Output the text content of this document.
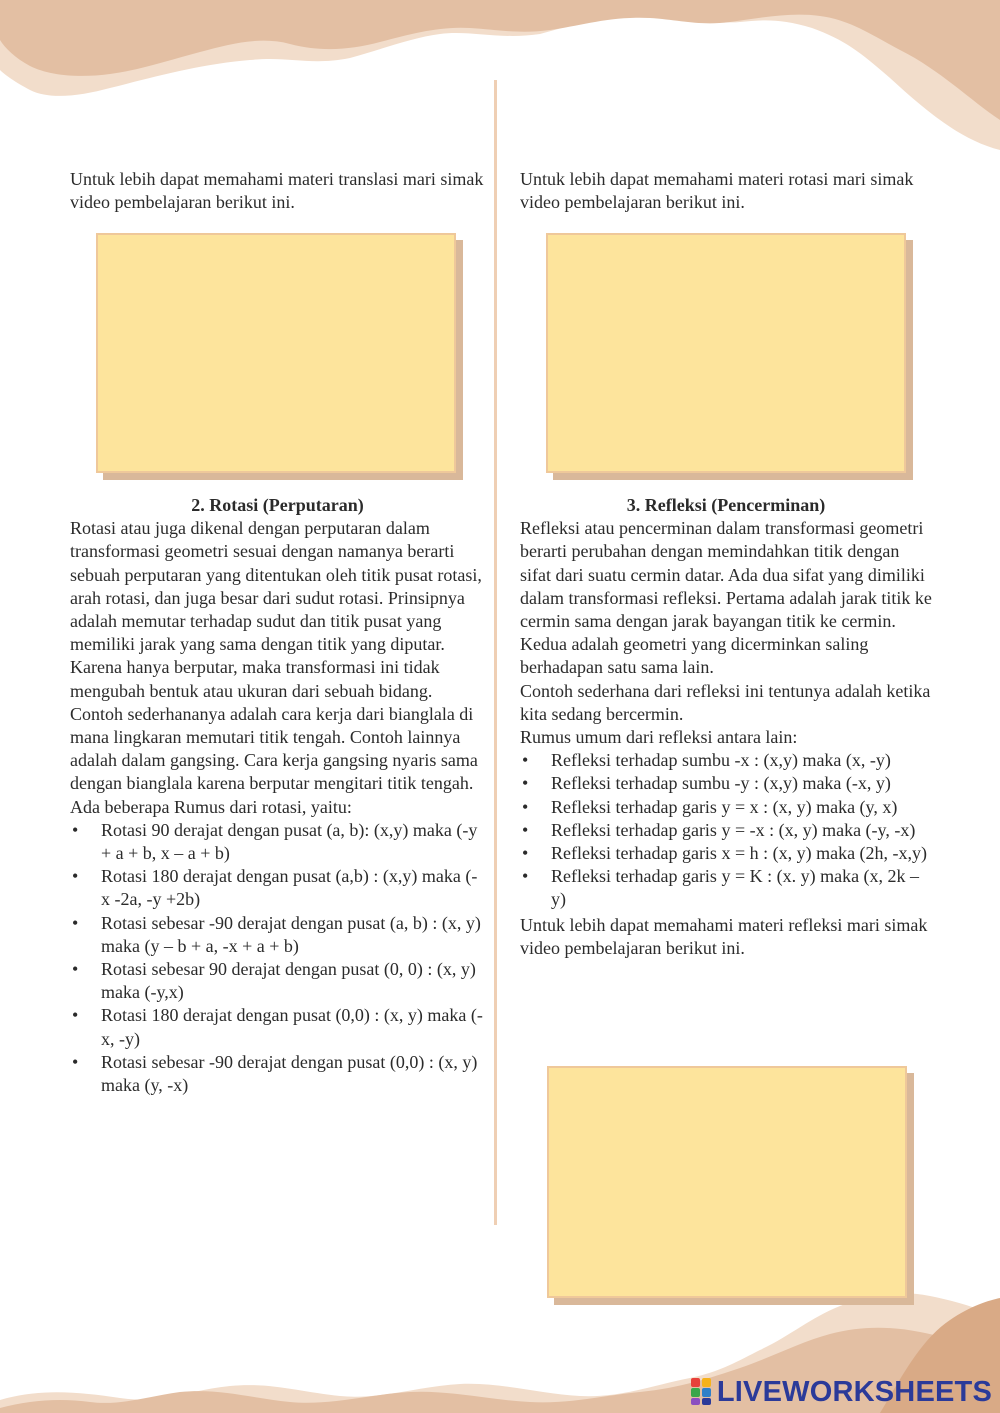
Untuk lebih dapat memahami materi translasi mari simak video pembelajaran berikut ini.

2. Rotasi (Perputaran)

Rotasi atau juga dikenal dengan perputaran dalam transformasi geometri sesuai dengan namanya berarti sebuah perputaran yang ditentukan oleh titik pusat rotasi, arah rotasi, dan juga besar dari sudut rotasi. Prinsipnya adalah memutar terhadap sudut dan titik pusat yang memiliki jarak yang sama dengan titik yang diputar.

Karena hanya berputar, maka transformasi ini tidak mengubah bentuk atau ukuran dari sebuah bidang.

Contoh sederhananya adalah cara kerja dari bianglala di mana lingkaran memutari titik tengah. Contoh lainnya adalah dalam gangsing. Cara kerja gangsing nyaris sama dengan bianglala karena berputar mengitari titik tengah.

Ada beberapa Rumus dari rotasi, yaitu:

• Rotasi 90 derajat dengan pusat (a, b): (x,y) maka (-y + a + b, x – a + b)
• Rotasi 180 derajat dengan pusat (a,b) : (x,y) maka (-x -2a, -y +2b)
• Rotasi sebesar -90 derajat dengan pusat (a, b) : (x, y) maka (y – b + a, -x + a + b)
• Rotasi sebesar 90 derajat dengan pusat (0, 0) : (x, y) maka (-y,x)
• Rotasi 180 derajat dengan pusat (0,0) : (x, y) maka (-x, -y)
• Rotasi sebesar -90 derajat dengan pusat (0,0) : (x, y) maka (y, -x)

Untuk lebih dapat memahami materi rotasi mari simak video pembelajaran berikut ini.

3. Refleksi (Pencerminan)

Refleksi atau pencerminan dalam transformasi geometri berarti perubahan dengan memindahkan titik dengan sifat dari suatu cermin datar. Ada dua sifat yang dimiliki dalam transformasi refleksi. Pertama adalah jarak titik ke cermin sama dengan jarak bayangan titik ke cermin. Kedua adalah geometri yang dicerminkan saling berhadapan satu sama lain.

Contoh sederhana dari refleksi ini tentunya adalah ketika kita sedang bercermin.

Rumus umum dari refleksi antara lain:

• Refleksi terhadap sumbu -x : (x,y) maka (x, -y)
• Refleksi terhadap sumbu -y : (x,y) maka (-x, y)
• Refleksi terhadap garis y = x : (x, y) maka (y, x)
• Refleksi terhadap garis y = -x : (x, y) maka (-y, -x)
• Refleksi terhadap garis x = h : (x, y) maka (2h, -x,y)
• Refleksi terhadap garis y = K : (x. y) maka (x, 2k – y)

Untuk lebih dapat memahami materi refleksi mari simak video pembelajaran berikut ini.

LIVEWORKSHEETS
